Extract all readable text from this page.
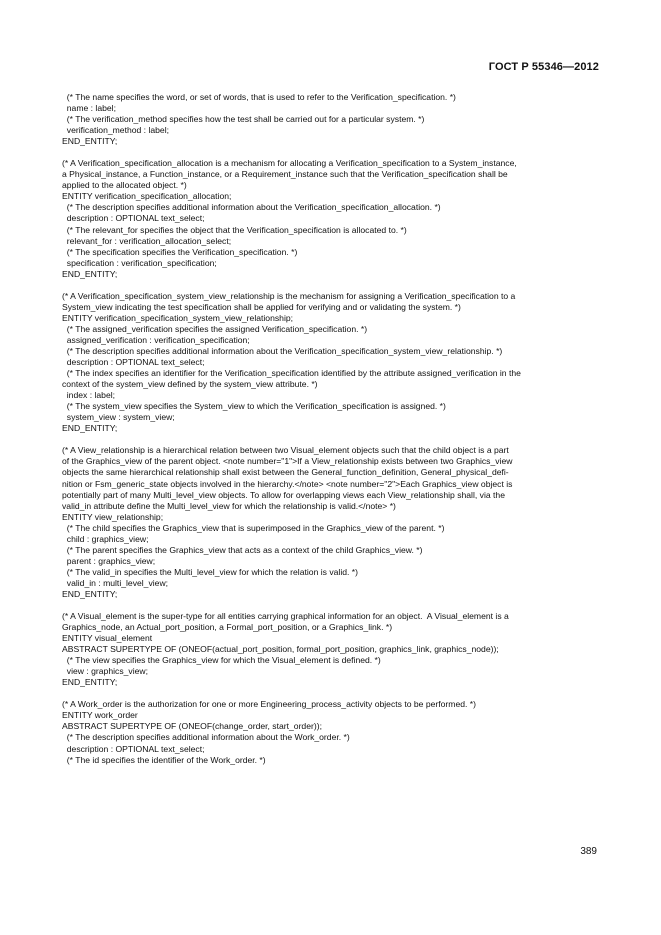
ГОСТ Р 55346—2012
(* The name specifies the word, or set of words, that is used to refer to the Verification_specification. *)
name : label;
(* The verification_method specifies how the test shall be carried out for a particular system. *)
verification_method : label;
END_ENTITY;
(* A Verification_specification_allocation is a mechanism for allocating a Verification_specification to a System_instance,
a Physical_instance, a Function_instance, or a Requirement_instance such that the Verification_specification shall be
applied to the allocated object. *)
ENTITY verification_specification_allocation;
(* The description specifies additional information about the Verification_specification_allocation. *)
description : OPTIONAL text_select;
(* The relevant_for specifies the object that the Verification_specification is allocated to. *)
relevant_for : verification_allocation_select;
(* The specification specifies the Verification_specification. *)
specification : verification_specification;
END_ENTITY;
(* A Verification_specification_system_view_relationship is the mechanism for assigning a Verification_specification to a
System_view indicating the test specification shall be applied for verifying and or validating the system. *)
ENTITY verification_specification_system_view_relationship;
(* The assigned_verification specifies the assigned Verification_specification. *)
assigned_verification : verification_specification;
(* The description specifies additional information about the Verification_specification_system_view_relationship. *)
description : OPTIONAL text_select;
(* The index specifies an identifier for the Verification_specification identified by the attribute assigned_verification in the
context of the system_view defined by the system_view attribute. *)
index : label;
(* The system_view specifies the System_view to which the Verification_specification is assigned. *)
system_view : system_view;
END_ENTITY;
(* A View_relationship is a hierarchical relation between two Visual_element objects such that the child object is a part
of the Graphics_view of the parent object. <note number="1">If a View_relationship exists between two Graphics_view
objects the same hierarchical relationship shall exist between the General_function_definition, General_physical_defi-
nition or Fsm_generic_state objects involved in the hierarchy.</note> <note number="2">Each Graphics_view object is
potentially part of many Multi_level_view objects. To allow for overlapping views each View_relationship shall, via the
valid_in attribute define the Multi_level_view for which the relationship is valid.</note> *)
ENTITY view_relationship;
(* The child specifies the Graphics_view that is superimposed in the Graphics_view of the parent. *)
child : graphics_view;
(* The parent specifies the Graphics_view that acts as a context of the child Graphics_view. *)
parent : graphics_view;
(* The valid_in specifies the Multi_level_view for which the relation is valid. *)
valid_in : multi_level_view;
END_ENTITY;
(* A Visual_element is the super-type for all entities carrying graphical information for an object.  A Visual_element is a
Graphics_node, an Actual_port_position, a Formal_port_position, or a Graphics_link. *)
ENTITY visual_element
ABSTRACT SUPERTYPE OF (ONEOF(actual_port_position, formal_port_position, graphics_link, graphics_node));
(* The view specifies the Graphics_view for which the Visual_element is defined. *)
view : graphics_view;
END_ENTITY;
(* A Work_order is the authorization for one or more Engineering_process_activity objects to be performed. *)
ENTITY work_order
ABSTRACT SUPERTYPE OF (ONEOF(change_order, start_order));
(* The description specifies additional information about the Work_order. *)
description : OPTIONAL text_select;
(* The id specifies the identifier of the Work_order. *)
389
